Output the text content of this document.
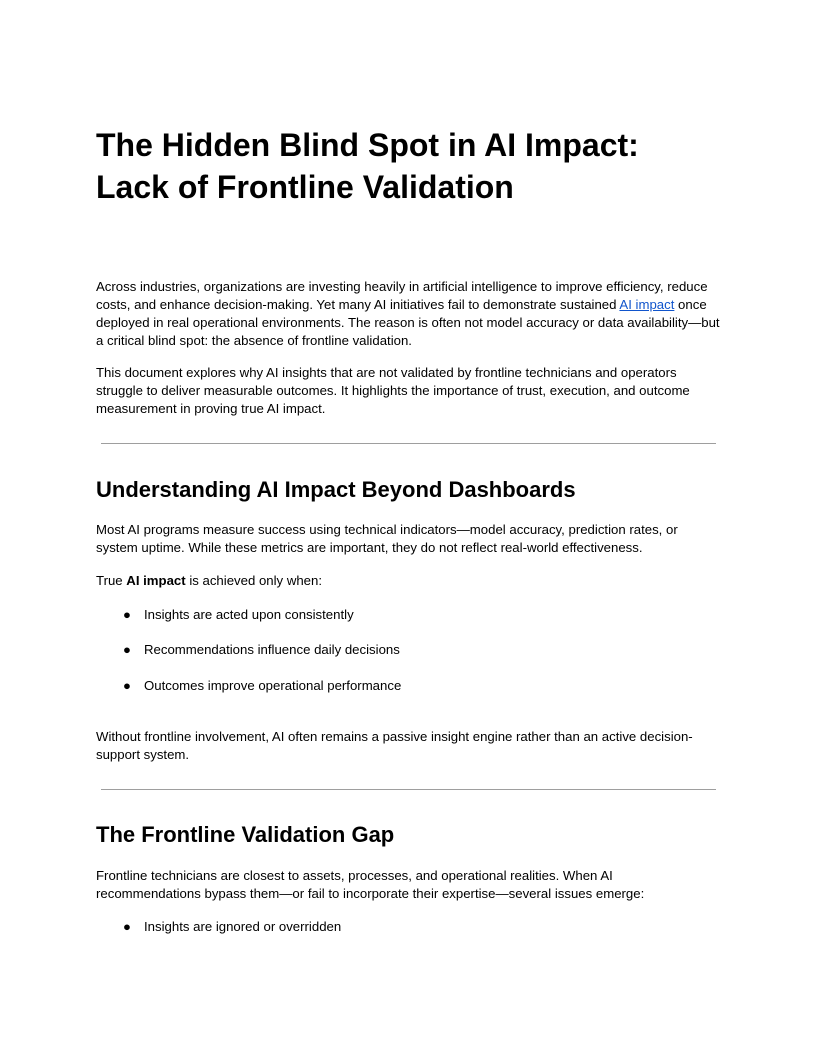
The Hidden Blind Spot in AI Impact: Lack of Frontline Validation

Across industries, organizations are investing heavily in artificial intelligence to improve efficiency, reduce costs, and enhance decision-making. Yet many AI initiatives fail to demonstrate sustained AI impact once deployed in real operational environments. The reason is often not model accuracy or data availability—but a critical blind spot: the absence of frontline validation.

This document explores why AI insights that are not validated by frontline technicians and operators struggle to deliver measurable outcomes. It highlights the importance of trust, execution, and outcome measurement in proving true AI impact.

Understanding AI Impact Beyond Dashboards

Most AI programs measure success using technical indicators—model accuracy, prediction rates, or system uptime. While these metrics are important, they do not reflect real-world effectiveness.

True AI impact is achieved only when:

● Insights are acted upon consistently
● Recommendations influence daily decisions
● Outcomes improve operational performance

Without frontline involvement, AI often remains a passive insight engine rather than an active decision-support system.

The Frontline Validation Gap

Frontline technicians are closest to assets, processes, and operational realities. When AI recommendations bypass them—or fail to incorporate their expertise—several issues emerge:

● Insights are ignored or overridden
